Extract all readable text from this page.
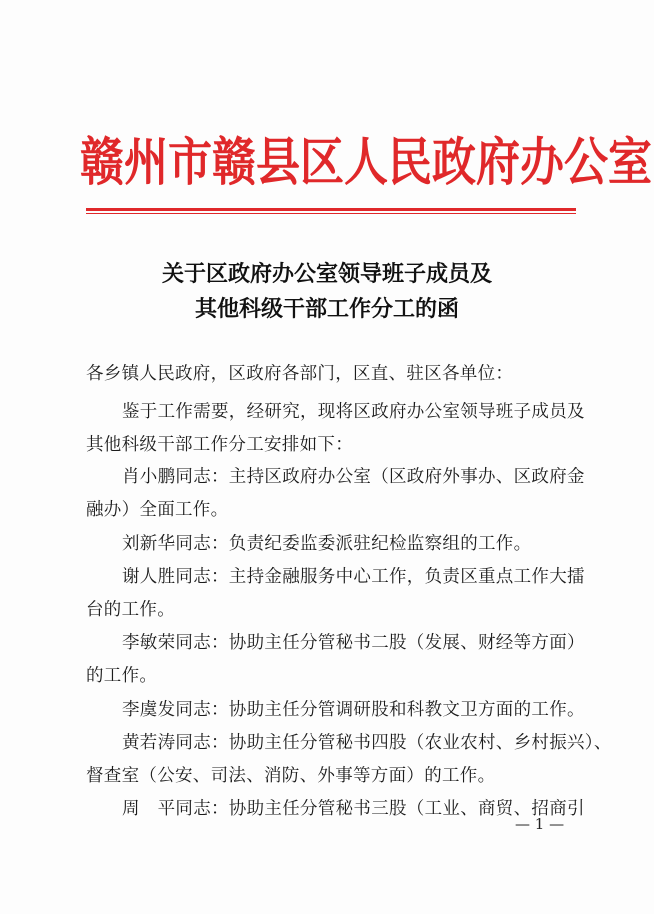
赣州市赣县区人民政府办公室
关于区政府办公室领导班子成员及
其他科级干部工作分工的函
各乡镇人民政府，区政府各部门，区直、驻区各单位：
鉴于工作需要，经研究，现将区政府办公室领导班子成员及
其他科级干部工作分工安排如下：
肖小鹏同志：主持区政府办公室（区政府外事办、区政府金
融办）全面工作。
刘新华同志：负责纪委监委派驻纪检监察组的工作。
谢人胜同志：主持金融服务中心工作，负责区重点工作大擂
台的工作。
李敏荣同志：协助主任分管秘书二股（发展、财经等方面）
的工作。
李虞发同志：协助主任分管调研股和科教文卫方面的工作。
黄若涛同志：协助主任分管秘书四股（农业农村、乡村振兴）、
督查室（公安、司法、消防、外事等方面）的工作。
周　平同志：协助主任分管秘书三股（工业、商贸、招商引
— 1 —
